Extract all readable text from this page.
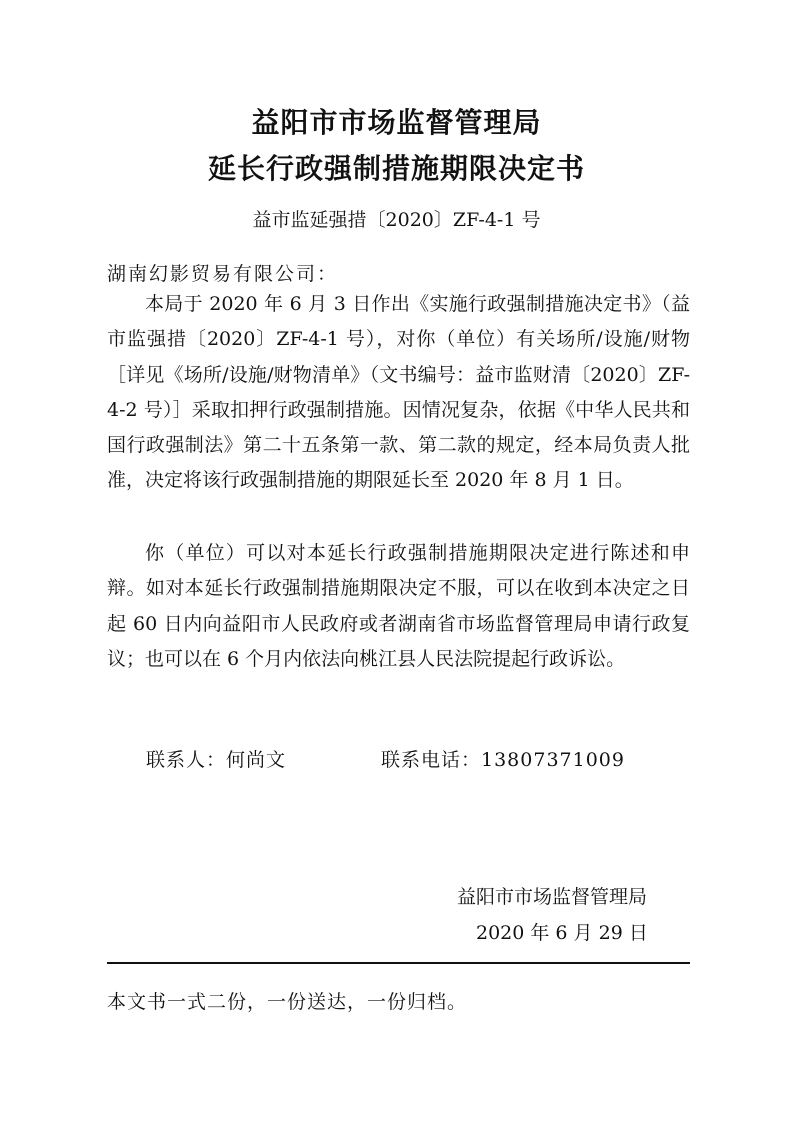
益阳市市场监督管理局
延长行政强制措施期限决定书
益市监延强措〔2020〕ZF-4-1 号
湖南幻影贸易有限公司：
本局于 2020 年 6 月 3 日作出《实施行政强制措施决定书》（益市监强措〔2020〕ZF-4-1 号），对你（单位）有关场所/设施/财物［详见《场所/设施/财物清单》（文书编号：益市监财清〔2020〕ZF-4-2 号）］采取扣押行政强制措施。因情况复杂，依据《中华人民共和国行政强制法》第二十五条第一款、第二款的规定，经本局负责人批准，决定将该行政强制措施的期限延长至 2020 年 8 月 1 日。
你（单位）可以对本延长行政强制措施期限决定进行陈述和申辩。如对本延长行政强制措施期限决定不服，可以在收到本决定之日起 60 日内向益阳市人民政府或者湖南省市场监督管理局申请行政复议；也可以在 6 个月内依法向桃江县人民法院提起行政诉讼。
联系人：何尚文	联系电话：13807371009
益阳市市场监督管理局
2020 年 6 月 29 日
本文书一式二份，一份送达，一份归档。
